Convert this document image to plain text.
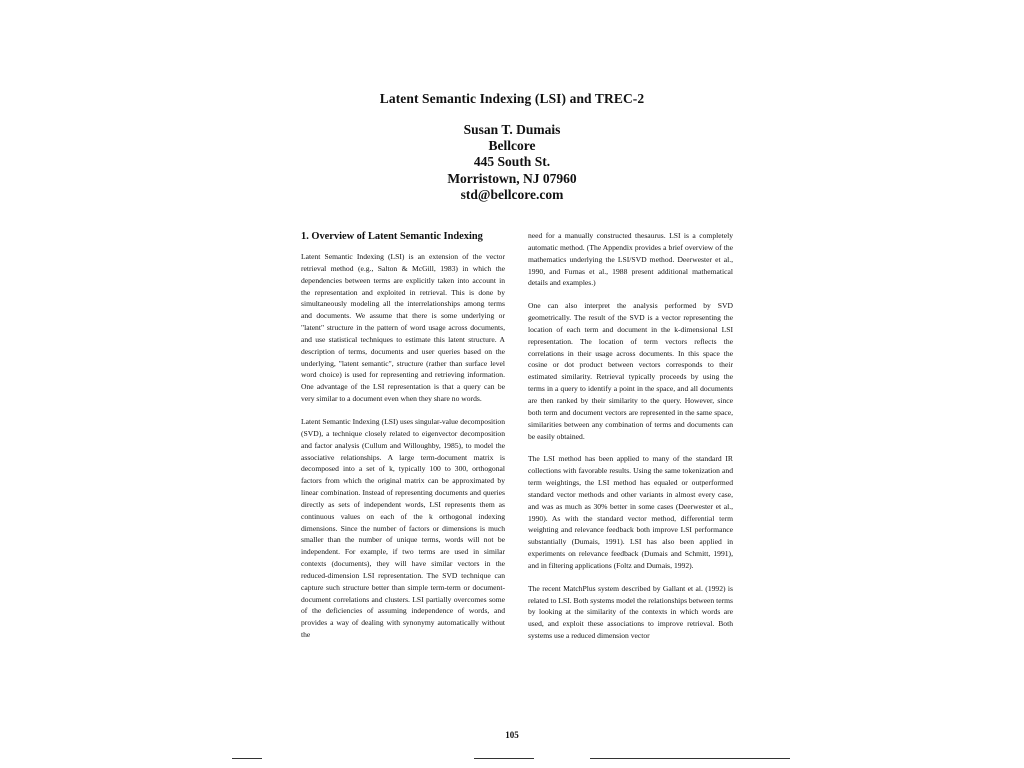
Latent Semantic Indexing (LSI) and TREC-2
Susan T. Dumais
Bellcore
445 South St.
Morristown, NJ 07960
std@bellcore.com
1. Overview of Latent Semantic Indexing

Latent Semantic Indexing (LSI) is an extension of the vector retrieval method (e.g., Salton & McGill, 1983) in which the dependencies between terms are explicitly taken into account in the representation and exploited in retrieval. This is done by simultaneously modeling all the interrelationships among terms and documents. We assume that there is some underlying or "latent" structure in the pattern of word usage across documents, and use statistical techniques to estimate this latent structure. A description of terms, documents and user queries based on the underlying, "latent semantic", structure (rather than surface level word choice) is used for representing and retrieving information. One advantage of the LSI representation is that a query can be very similar to a document even when they share no words.

Latent Semantic Indexing (LSI) uses singular-value decomposition (SVD), a technique closely related to eigenvector decomposition and factor analysis (Cullum and Willoughby, 1985), to model the associative relationships. A large term-document matrix is decomposed into a set of k, typically 100 to 300, orthogonal factors from which the original matrix can be approximated by linear combination. Instead of representing documents and queries directly as sets of independent words, LSI represents them as continuous values on each of the k orthogonal indexing dimensions. Since the number of factors or dimensions is much smaller than the number of unique terms, words will not be independent. For example, if two terms are used in similar contexts (documents), they will have similar vectors in the reduced-dimension LSI representation. The SVD technique can capture such structure better than simple term-term or document-document correlations and clusters. LSI partially overcomes some of the deficiencies of assuming independence of words, and provides a way of dealing with synonymy automatically without the

need for a manually constructed thesaurus. LSI is a completely automatic method. (The Appendix provides a brief overview of the mathematics underlying the LSI/SVD method. Deerwester et al., 1990, and Furnas et al., 1988 present additional mathematical details and examples.)

One can also interpret the analysis performed by SVD geometrically. The result of the SVD is a vector representing the location of each term and document in the k-dimensional LSI representation. The location of term vectors reflects the correlations in their usage across documents. In this space the cosine or dot product between vectors corresponds to their estimated similarity. Retrieval typically proceeds by using the terms in a query to identify a point in the space, and all documents are then ranked by their similarity to the query. However, since both term and document vectors are represented in the same space, similarities between any combination of terms and documents can be easily obtained.

The LSI method has been applied to many of the standard IR collections with favorable results. Using the same tokenization and term weightings, the LSI method has equaled or outperformed standard vector methods and other variants in almost every case, and was as much as 30% better in some cases (Deerwester et al., 1990). As with the standard vector method, differential term weighting and relevance feedback both improve LSI performance substantially (Dumais, 1991). LSI has also been applied in experiments on relevance feedback (Dumais and Schmitt, 1991), and in filtering applications (Foltz and Dumais, 1992).

The recent MatchPlus system described by Gallant et al. (1992) is related to LSI. Both systems model the relationships between terms by looking at the similarity of the contexts in which words are used, and exploit these associations to improve retrieval. Both systems use a reduced dimension vector

105
